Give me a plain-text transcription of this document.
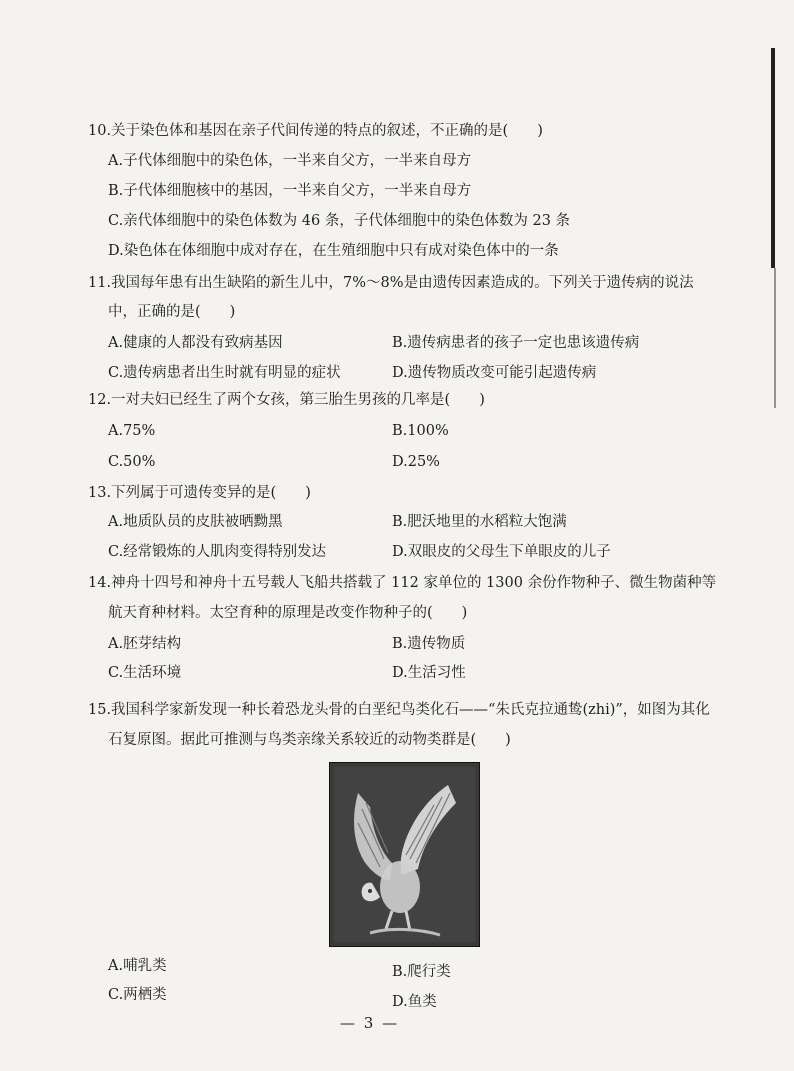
10.关于染色体和基因在亲子代间传递的特点的叙述，不正确的是(　　)
A.子代体细胞中的染色体，一半来自父方，一半来自母方
B.子代体细胞核中的基因，一半来自父方，一半来自母方
C.亲代体细胞中的染色体数为 46 条，子代体细胞中的染色体数为 23 条
D.染色体在体细胞中成对存在，在生殖细胞中只有成对染色体中的一条
11.我国每年患有出生缺陷的新生儿中，7%～8%是由遗传因素造成的。下列关于遗传病的说法
中，正确的是(　　)
A.健康的人都没有致病基因	B.遗传病患者的孩子一定也患该遗传病
C.遗传病患者出生时就有明显的症状	D.遗传物质改变可能引起遗传病
12.一对夫妇已经生了两个女孩，第三胎生男孩的几率是(　　)
A.75%	B.100%
C.50%	D.25%
13.下列属于可遗传变异的是(　　)
A.地质队员的皮肤被晒黝黑	B.肥沃地里的水稻粒大饱满
C.经常锻炼的人肌肉变得特别发达	D.双眼皮的父母生下单眼皮的儿子
14.神舟十四号和神舟十五号载人飞船共搭载了 112 家单位的 1300 余份作物种子、微生物菌种等
航天育种材料。太空育种的原理是改变作物种子的(　　)
A.胚芽结构	B.遗传物质
C.生活环境	D.生活习性
15.我国科学家新发现一种长着恐龙头骨的白垩纪鸟类化石——“朱氏克拉通鸷(zhi)”，如图为其化
石复原图。据此可推测与鸟类亲缘关系较近的动物类群是(　　)
A.哺乳类	B.爬行类
C.两栖类	D.鱼类
— 3 —
